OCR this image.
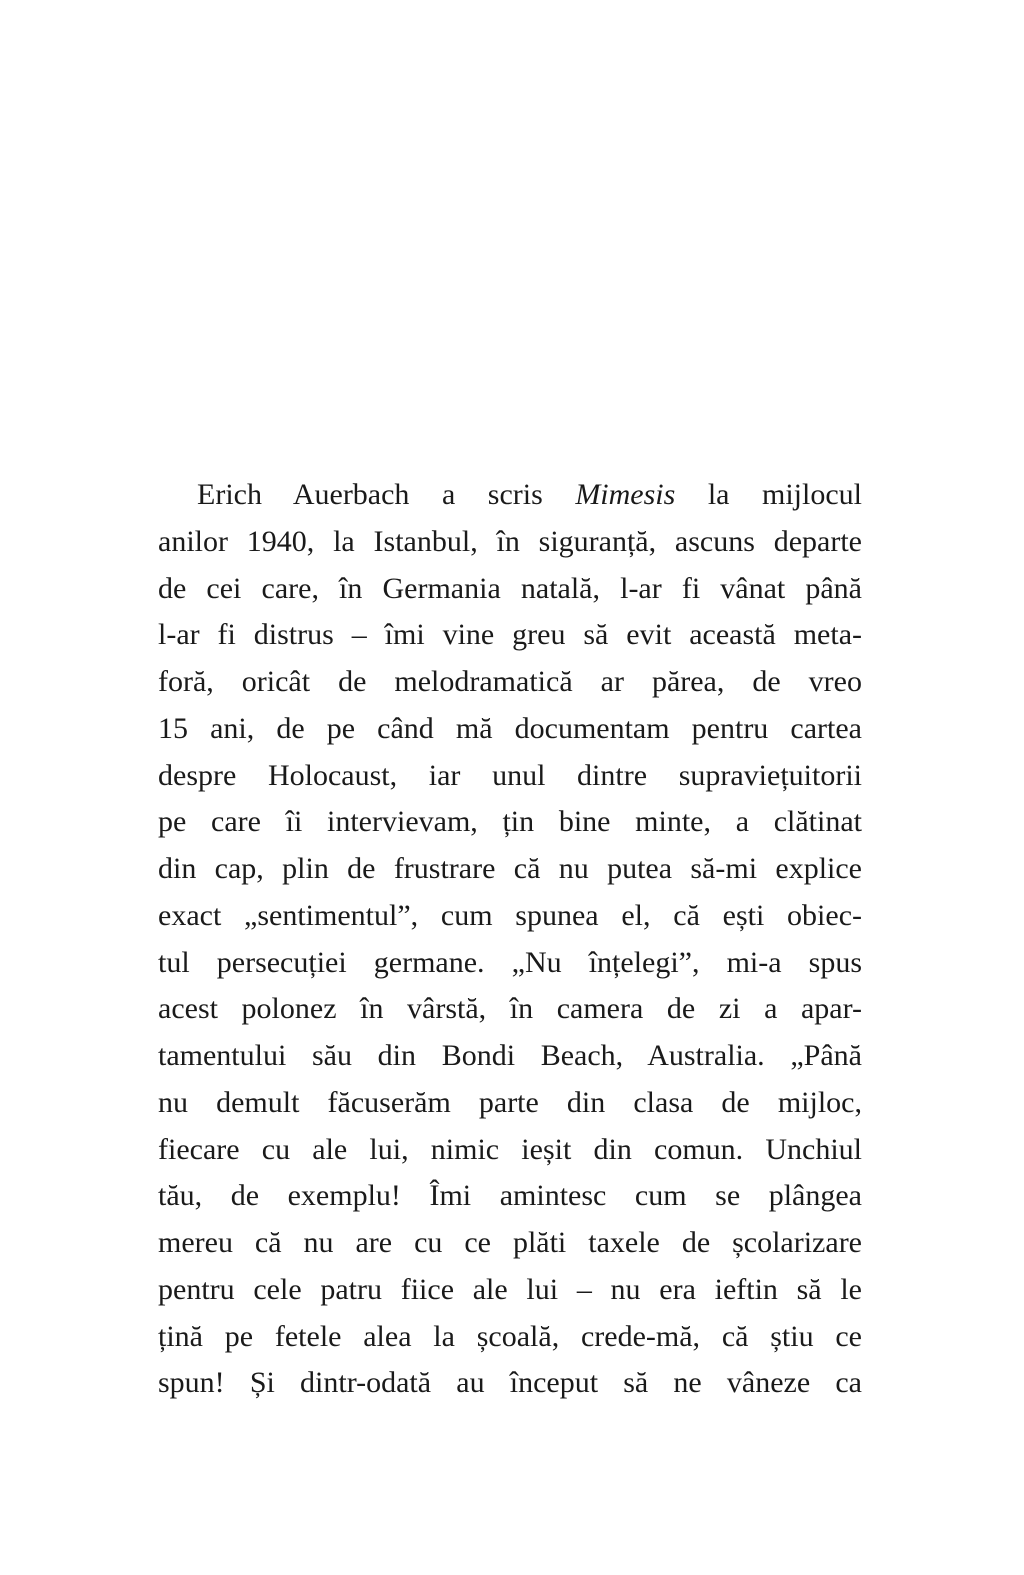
Erich Auerbach a scris Mimesis la mijlocul
anilor 1940, la Istanbul, în siguranță, ascuns departe
de cei care, în Germania natală, l-ar fi vânat până
l-ar fi distrus – îmi vine greu să evit această meta-
foră, oricât de melodramatică ar părea, de vreo
15 ani, de pe când mă documentam pentru cartea
despre Holocaust, iar unul dintre supraviețuitorii
pe care îi intervievam, țin bine minte, a clătinat
din cap, plin de frustrare că nu putea să-mi explice
exact „sentimentul”, cum spunea el, că ești obiec-
tul persecuției germane. „Nu înțelegi”, mi-a spus
acest polonez în vârstă, în camera de zi a apar-
tamentului său din Bondi Beach, Australia. „Până
nu demult făcuserăm parte din clasa de mijloc,
fiecare cu ale lui, nimic ieșit din comun. Unchiul
tău, de exemplu! Îmi amintesc cum se plângea
mereu că nu are cu ce plăti taxele de școlarizare
pentru cele patru fiice ale lui – nu era ieftin să le
țină pe fetele alea la școală, crede-mă, că știu ce
spun! Și dintr-odată au început să ne vâneze ca
